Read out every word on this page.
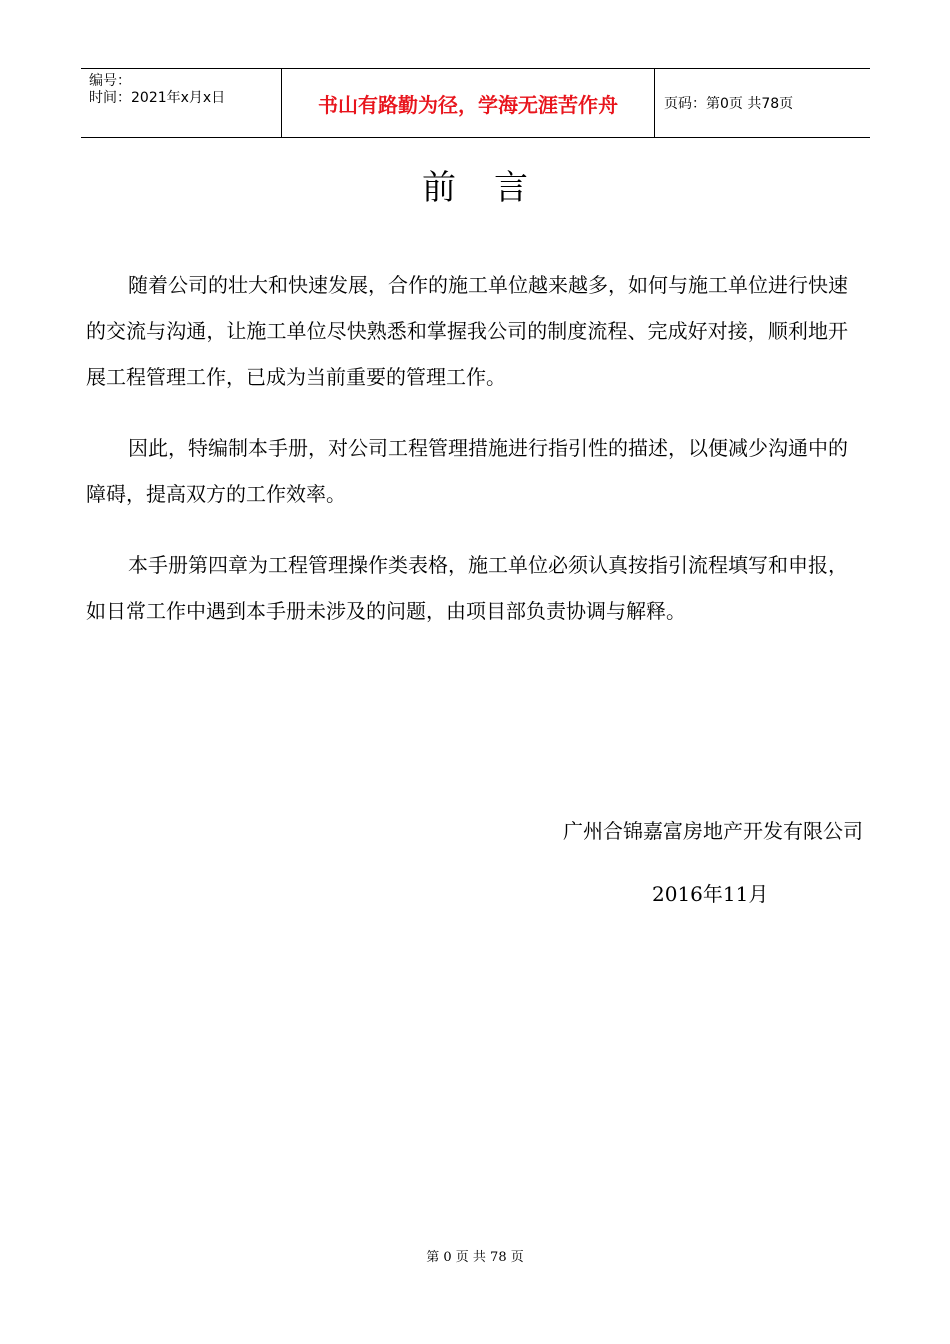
编号：
时间：2021年x月x日	书山有路勤为径，学海无涯苦作舟	页码：第0页 共78页
前言

随着公司的壮大和快速发展，合作的施工单位越来越多，如何与施工单位进行快速的交流与沟通，让施工单位尽快熟悉和掌握我公司的制度流程、完成好对接，顺利地开展工程管理工作，已成为当前重要的管理工作。

因此，特编制本手册，对公司工程管理措施进行指引性的描述，以便减少沟通中的障碍，提高双方的工作效率。

本手册第四章为工程管理操作类表格，施工单位必须认真按指引流程填写和申报，如日常工作中遇到本手册未涉及的问题，由项目部负责协调与解释。

广州合锦嘉富房地产开发有限公司
2016年11月
第 0 页 共 78 页
